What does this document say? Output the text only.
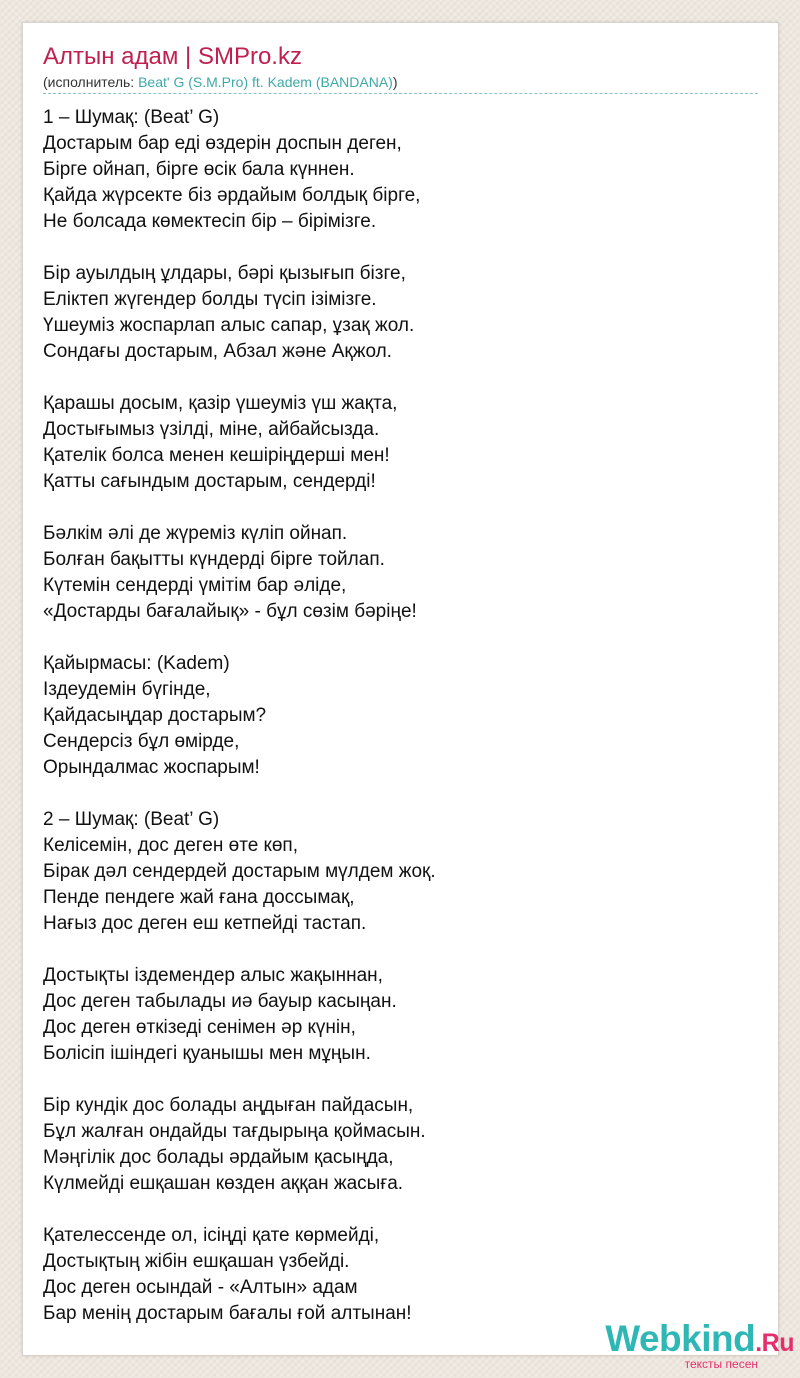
Алтын адам | SMPro.kz
(исполнитель: Beat' G (S.M.Pro) ft. Kadem (BANDANA))
1 – Шумақ: (Beat’ G)
Достарым бар еді өздерін доспын деген,
Бірге ойнап, бірге өсік бала күннен.
Қайда жүрсекте біз әрдайым болдық бірге,
Не болсада көмектесіп бір – бірімізге.
Бір ауылдың ұлдары, бәрі қызығып бізге,
Еліктеп жүгендер болды түсіп ізімізге.
Үшеуміз жоспарлап алыс сапар, ұзақ жол.
Сондағы достарым, Абзал және Ақжол.
Қарашы досым, қазір үшеуміз үш жақта,
Достығымыз үзілді, міне, айбайсызда.
Қателік болса менен кешіріңдерші мен!
Қатты сағындым достарым, сендерді!
Бәлкім әлі де жүреміз күліп ойнап.
Болған бақытты күндерді бірге тойлап.
Күтемін сендерді үмітім бар әліде,
«Достарды бағалайық» - бұл сөзім бәріңе!
Қайырмасы: (Kadem)
Іздеудемін бүгінде,
Қайдасыңдар достарым?
Сендерсіз бұл өмірде,
Орындалмас жоспарым!
2 – Шумақ: (Beat’ G)
Келісемін, дос деген өте көп,
Бірак дәл сендердей достарым мүлдем жоқ.
Пенде пендеге жай ғана доссымақ,
Нағыз дос деген еш кетпейді тастап.
Достықты іздемендер алыс жақыннан,
Дос деген табылады иә бауыр касыңан.
Дос деген өткізеді сенімен әр күнін,
Болісіп ішіндегі қуанышы мен мұңын.
Бір кундік дос болады аңдыған пайдасын,
Бұл жалған ондайды тағдырыңа қоймасын.
Мәңгілік дос болады әрдайым қасыңда,
Күлмейді ешқашан көзден аққан жасыға.
Қателессенде ол, ісіңді қате көрмейді,
Достықтың жібін ешқашан үзбейді.
Дос деген осындай - «Алтын» адам
Бар менің достарым бағалы ғой алтынан!
Webkind.Ru
тексты песен
